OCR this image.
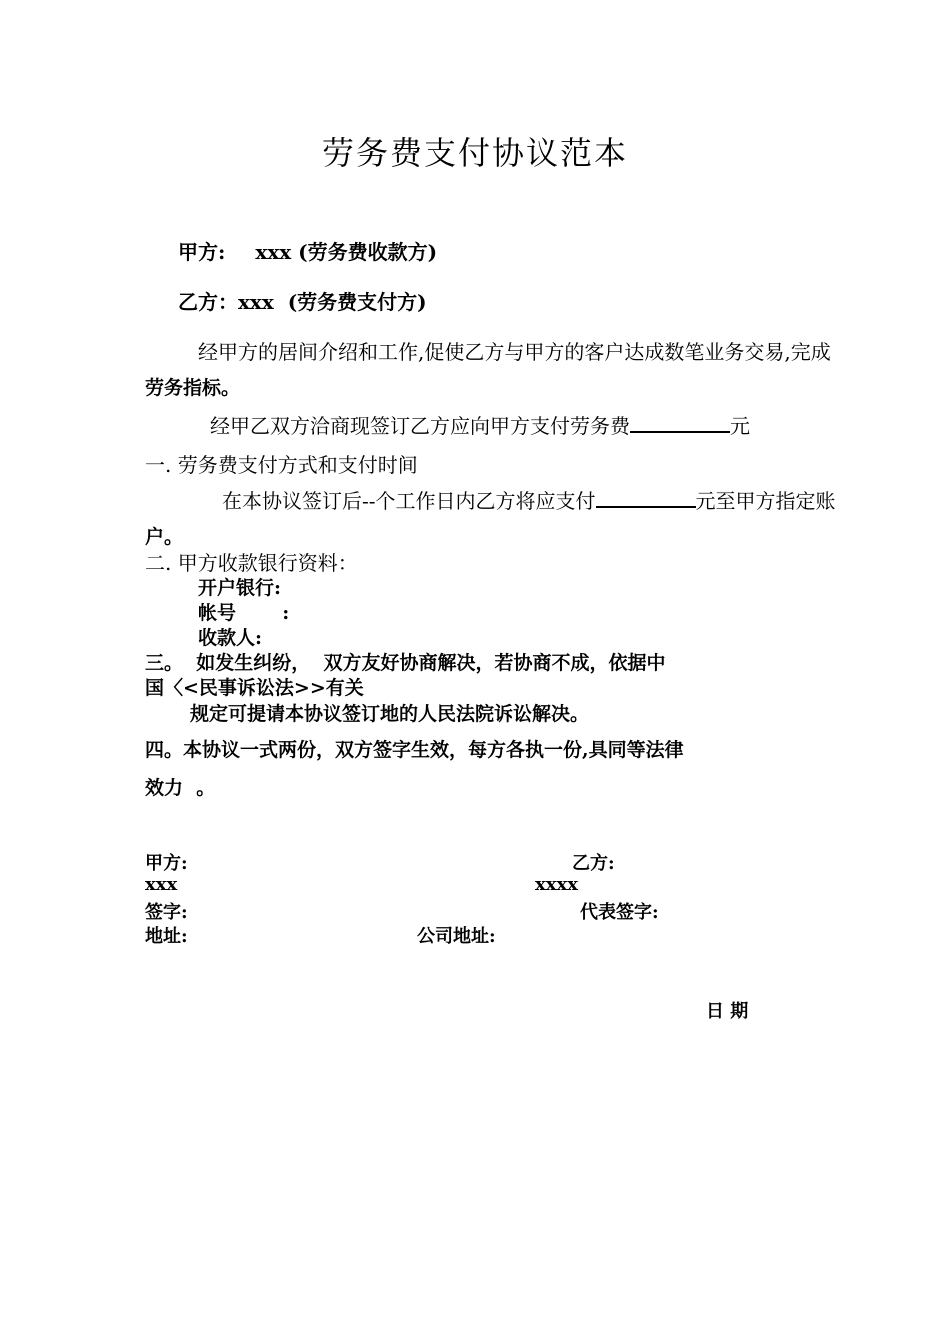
劳务费支付协议范本
甲方: xxx (劳务费收款方)
乙方：xxx (劳务费支付方)
经甲方的居间介绍和工作,促使乙方与甲方的客户达成数笔业务交易,完成
劳务指标。
经甲乙双方洽商现签订乙方应向甲方支付劳务费	元
一. 劳务费支付方式和支付时间
在本协议签订后--个工作日内乙方将应支付	元至甲方指定账
户。
二. 甲方收款银行资料：
开户银行:
帐号       :
收款人:
三。  如发生纠纷，  双方友好协商解决，若协商不成，依据中
国〈<民事诉讼法>>有关
规定可提请本协议签订地的人民法院诉讼解决。
四。本协议一式两份，双方签字生效，每方各执一份,具同等法律
效力  。
甲方:	乙方:
xxx	xxxx
签字:	代表签字:
地址:	公司地址:
日 期
